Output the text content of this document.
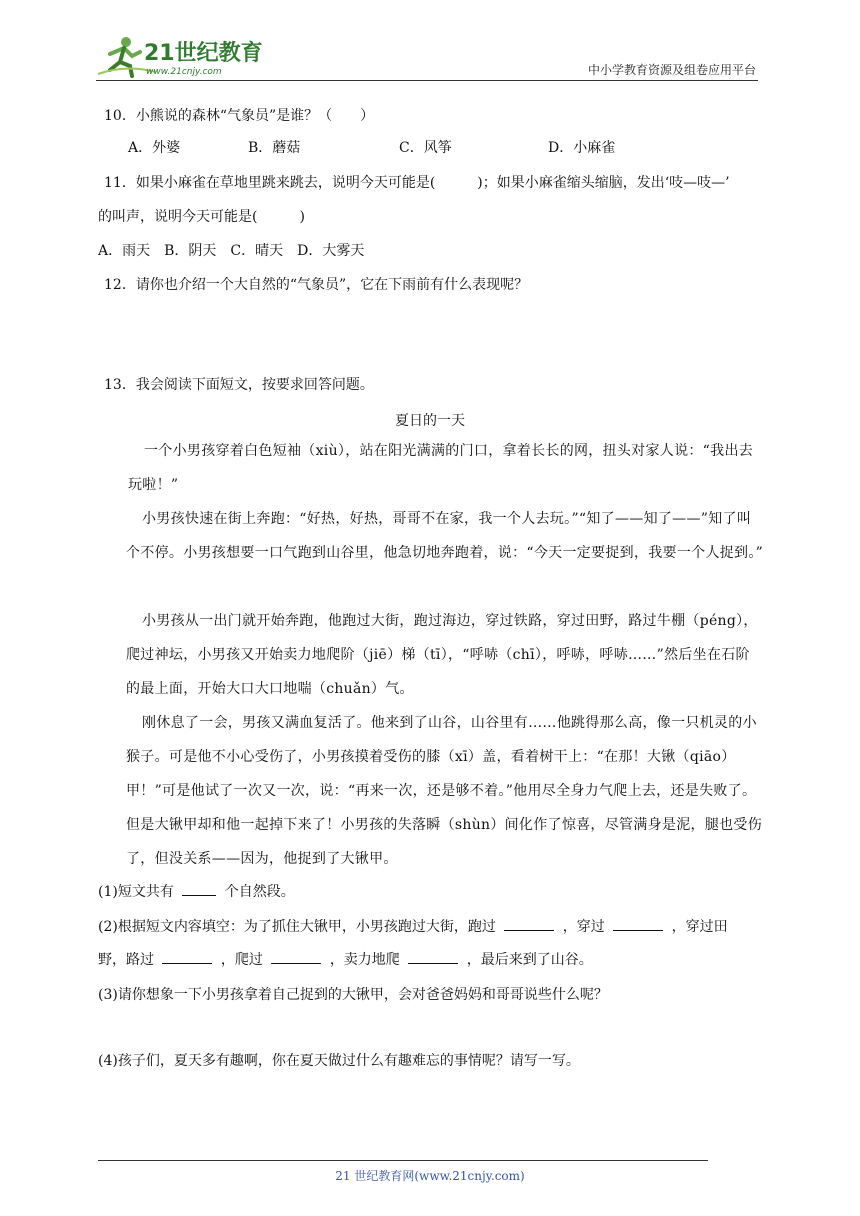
21世纪教育
www.21cnjy.com	中小学教育资源及组卷应用平台
10．小熊说的森林“气象员”是谁？（　　）
A．外婆	B．蘑菇	C．风筝	D．小麻雀
11．如果小麻雀在草地里跳来跳去，说明今天可能是(　　　)；如果小麻雀缩头缩脑，发出‘吱—吱—’
的叫声，说明今天可能是(　　　)
A．雨天　B．阴天　C．晴天　D．大雾天
12．请你也介绍一个大自然的“气象员”，它在下雨前有什么表现呢？
13．我会阅读下面短文，按要求回答问题。
夏日的一天
一个小男孩穿着白色短袖（xiù），站在阳光满满的门口，拿着长长的网，扭头对家人说：“我出去玩啦！”
小男孩快速在街上奔跑：“好热，好热，哥哥不在家，我一个人去玩。”“知了——知了——”知了叫个不停。小男孩想要一口气跑到山谷里，他急切地奔跑着，说：“今天一定要捉到，我要一个人捉到。”
小男孩从一出门就开始奔跑，他跑过大街，跑过海边，穿过铁路，穿过田野，路过牛棚（péng），爬过神坛，小男孩又开始卖力地爬阶（jiē）梯（tī），“呼哧（chī），呼哧，呼哧……”然后坐在石阶的最上面，开始大口大口地喘（chuǎn）气。
刚休息了一会，男孩又满血复活了。他来到了山谷，山谷里有……他跳得那么高，像一只机灵的小猴子。可是他不小心受伤了，小男孩摸着受伤的膝（xī）盖，看着树干上：“在那！大锹（qiāo）甲！”可是他试了一次又一次，说：“再来一次，还是够不着。”他用尽全身力气爬上去，还是失败了。但是大锹甲却和他一起掉下来了！小男孩的失落瞬（shùn）间化作了惊喜，尽管满身是泥，腿也受伤了，但没关系——因为，他捉到了大锹甲。
(1)短文共有	个自然段。
(2)根据短文内容填空：为了抓住大锹甲，小男孩跑过大街，跑过	，穿过	，穿过田
野，路过	，爬过	，卖力地爬	，最后来到了山谷。
(3)请你想象一下小男孩拿着自己捉到的大锹甲，会对爸爸妈妈和哥哥说些什么呢？
(4)孩子们，夏天多有趣啊，你在夏天做过什么有趣难忘的事情呢？请写一写。
21 世纪教育网(www.21cnjy.com)
